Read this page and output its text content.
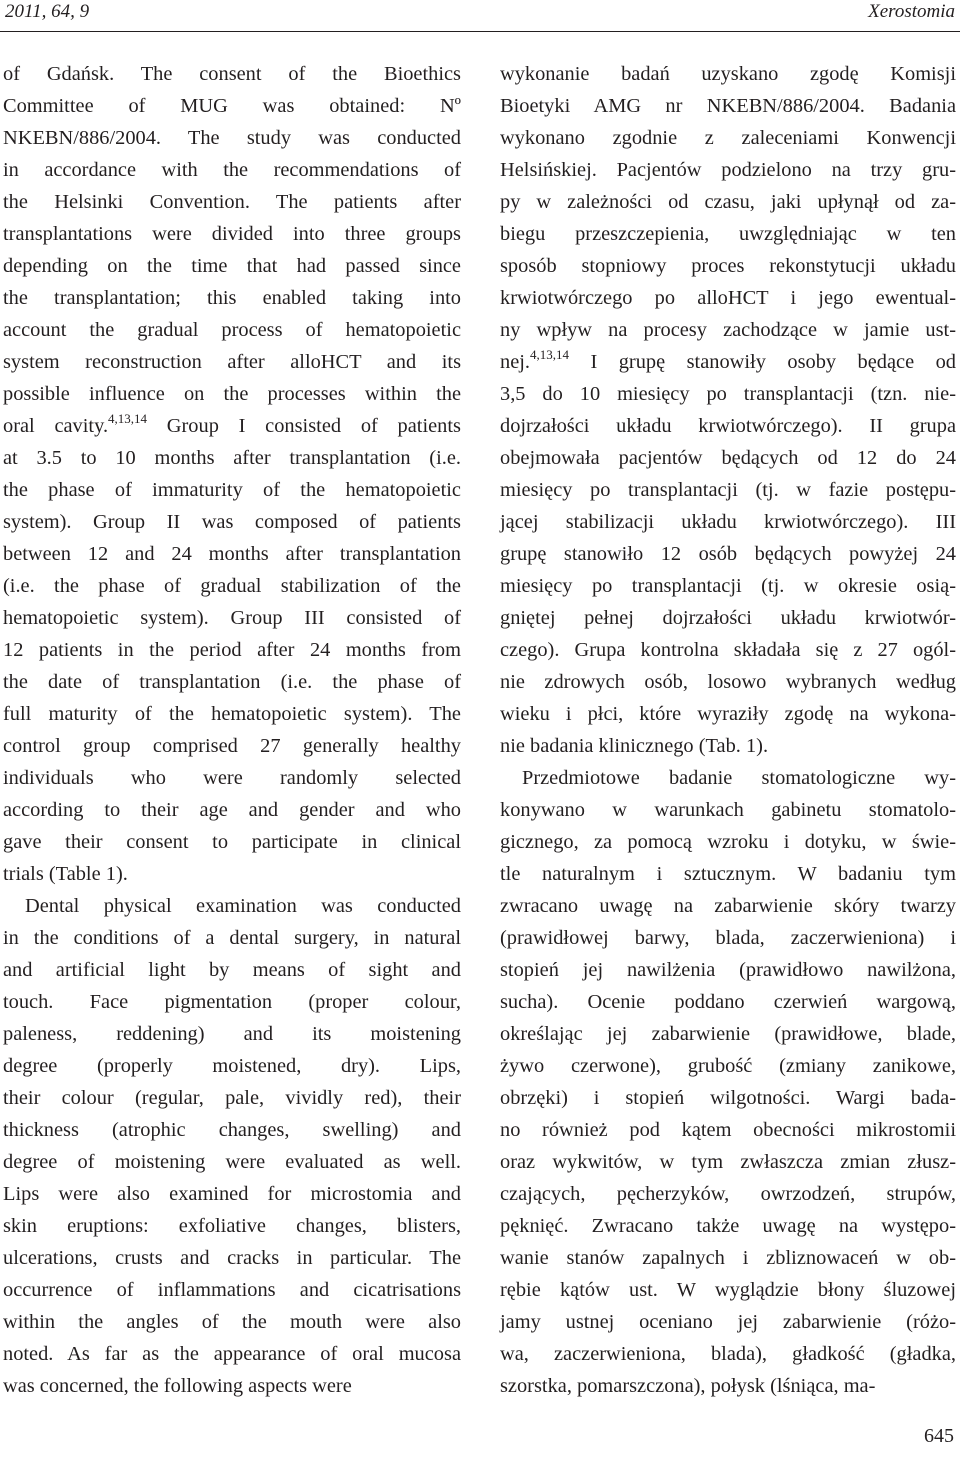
2011, 64, 9	Xerostomia
of Gdańsk. The consent of the Bioethics
Committee of MUG was obtained: Nº
NKEBN/886/2004. The study was conducted
in accordance with the recommendations of
the Helsinki Convention. The patients after
transplantations were divided into three groups
depending on the time that had passed since
the transplantation; this enabled taking into
account the gradual process of hematopoietic
system reconstruction after alloHCT and its
possible influence on the processes within the
oral cavity.$^{4,13,14}$ Group I consisted of patients
at 3.5 to 10 months after transplantation (i.e.
the phase of immaturity of the hematopoietic
system). Group II was composed of patients
between 12 and 24 months after transplantation
(i.e. the phase of gradual stabilization of the
hematopoietic system). Group III consisted of
12 patients in the period after 24 months from
the date of transplantation (i.e. the phase of
full maturity of the hematopoietic system). The
control group comprised 27 generally healthy
individuals who were randomly selected
according to their age and gender and who
gave their consent to participate in clinical
trials (Table 1).
Dental physical examination was conducted
in the conditions of a dental surgery, in natural
and artificial light by means of sight and
touch. Face pigmentation (proper colour,
paleness, reddening) and its moistening
degree (properly moistened, dry). Lips,
their colour (regular, pale, vividly red), their
thickness (atrophic changes, swelling) and
degree of moistening were evaluated as well.
Lips were also examined for microstomia and
skin eruptions: exfoliative changes, blisters,
ulcerations, crusts and cracks in particular. The
occurrence of inflammations and cicatrisations
within the angles of the mouth were also
noted. As far as the appearance of oral mucosa
was concerned, the following aspects were
wykonanie badań uzyskano zgodę Komisji
Bioetyki AMG nr NKEBN/886/2004. Badania
wykonano zgodnie z zaleceniami Konwencji
Helsińskiej. Pacjentów podzielono na trzy gru-
py w zależności od czasu, jaki upłynął od za-
biegu przeszczepienia, uwzględniając w ten
sposób stopniowy proces rekonstytucji układu
krwiotwórczego po alloHCT i jego ewentual-
ny wpływ na procesy zachodzące w jamie ust-
nej.$^{4,13,14}$ I grupę stanowiły osoby będące od
3,5 do 10 miesięcy po transplantacji (tzn. nie-
dojrzałości układu krwiotwórczego). II grupa
obejmowała pacjentów będących od 12 do 24
miesięcy po transplantacji (tj. w fazie postępu-
jącej stabilizacji układu krwiotwórczego). III
grupę stanowiło 12 osób będących powyżej 24
miesięcy po transplantacji (tj. w okresie osią-
gniętej pełnej dojrzałości układu krwiotwór-
czego). Grupa kontrolna składała się z 27 ogól-
nie zdrowych osób, losowo wybranych według
wieku i płci, które wyraziły zgodę na wykona-
nie badania klinicznego (Tab. 1).
Przedmiotowe badanie stomatologiczne wy-
konywano w warunkach gabinetu stomatolo-
gicznego, za pomocą wzroku i dotyku, w świe-
tle naturalnym i sztucznym. W badaniu tym
zwracano uwagę na zabarwienie skóry twarzy
(prawidłowej barwy, blada, zaczerwieniona) i
stopień jej nawilżenia (prawidłowo nawilżona,
sucha). Ocenie poddano czerwień wargową,
określając jej zabarwienie (prawidłowe, blade,
żywo czerwone), grubość (zmiany zanikowe,
obrzęki) i stopień wilgotności. Wargi bada-
no również pod kątem obecności mikrostomii
oraz wykwitów, w tym zwłaszcza zmian złusz-
czających, pęcherzyków, owrzodzeń, strupów,
pęknięć. Zwracano także uwagę na występo-
wanie stanów zapalnych i zbliznowaceń w ob-
rębie kątów ust. W wyglądzie błony śluzowej
jamy ustnej oceniano jej zabarwienie (różo-
wa, zaczerwieniona, blada), gładkość (gładka,
szorstka, pomarszczona), połysk (lśniąca, ma-
645
